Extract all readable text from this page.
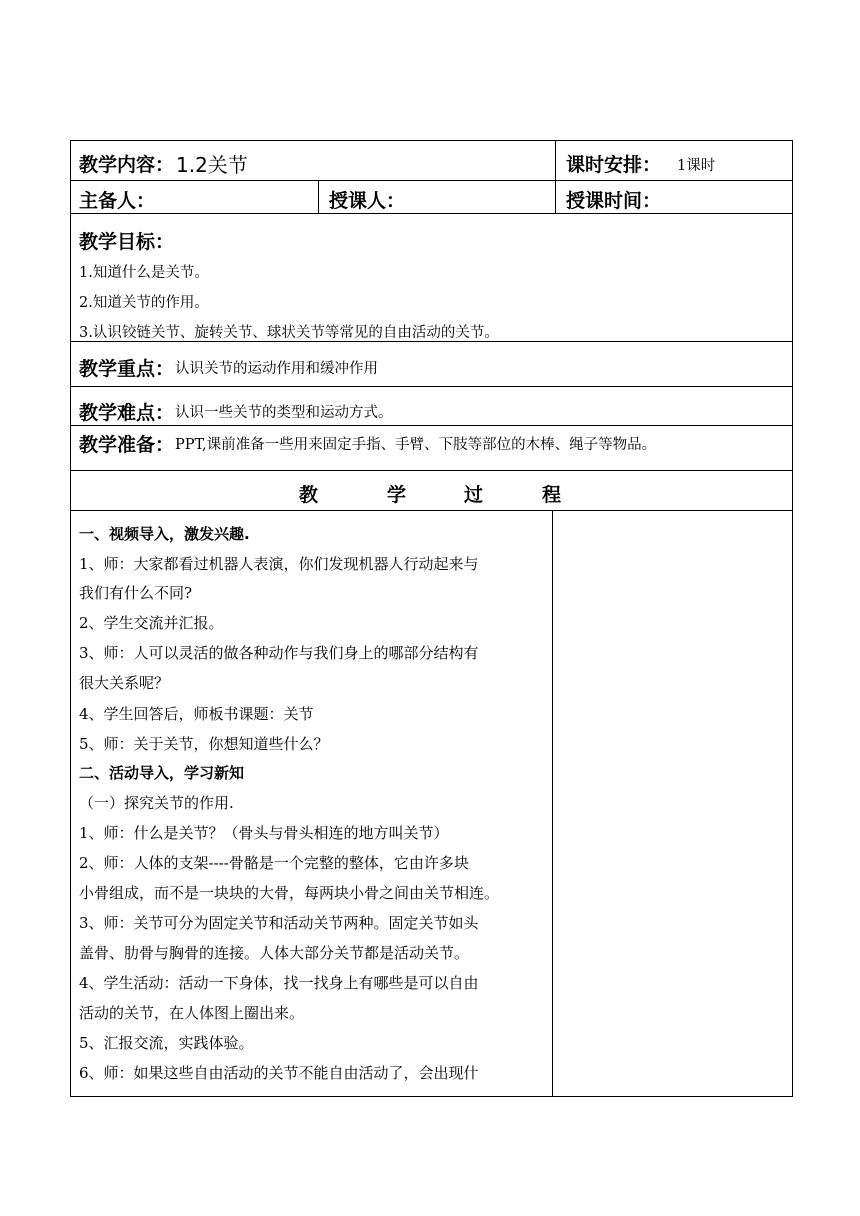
教学内容： 1.2关节	课时安排： 1课时
主备人：	授课人：	授课时间：
教学目标：
1.知道什么是关节。
2.知道关节的作用。
3.认识铰链关节、旋转关节、球状关节等常见的自由活动的关节。
教学重点： 认识关节的运动作用和缓冲作用
教学难点： 认识一些关节的类型和运动方式。
教学准备： PPT,课前准备一些用来固定手指、手臂、下肢等部位的木棒、绳子等物品。
教	学	过	程
一、视频导入，激发兴趣.
1、师：大家都看过机器人表演，你们发现机器人行动起来与
我们有什么不同?
2、学生交流并汇报。
3、师：人可以灵活的做各种动作与我们身上的哪部分结构有
很大关系呢？
4、学生回答后，师板书课题：关节
5、师：关于关节，你想知道些什么？
二、活动导入，学习新知
（一）探究关节的作用.
1、师：什么是关节？（骨头与骨头相连的地方叫关节）
2、师：人体的支架----骨骼是一个完整的整体，它由许多块
小骨组成，而不是一块块的大骨，每两块小骨之间由关节相连。
3、师：关节可分为固定关节和活动关节两种。固定关节如头
盖骨、肋骨与胸骨的连接。人体大部分关节都是活动关节。
4、学生活动：活动一下身体，找一找身上有哪些是可以自由
活动的关节，在人体图上圈出来。
5、汇报交流，实践体验。
6、师：如果这些自由活动的关节不能自由活动了，会出现什
